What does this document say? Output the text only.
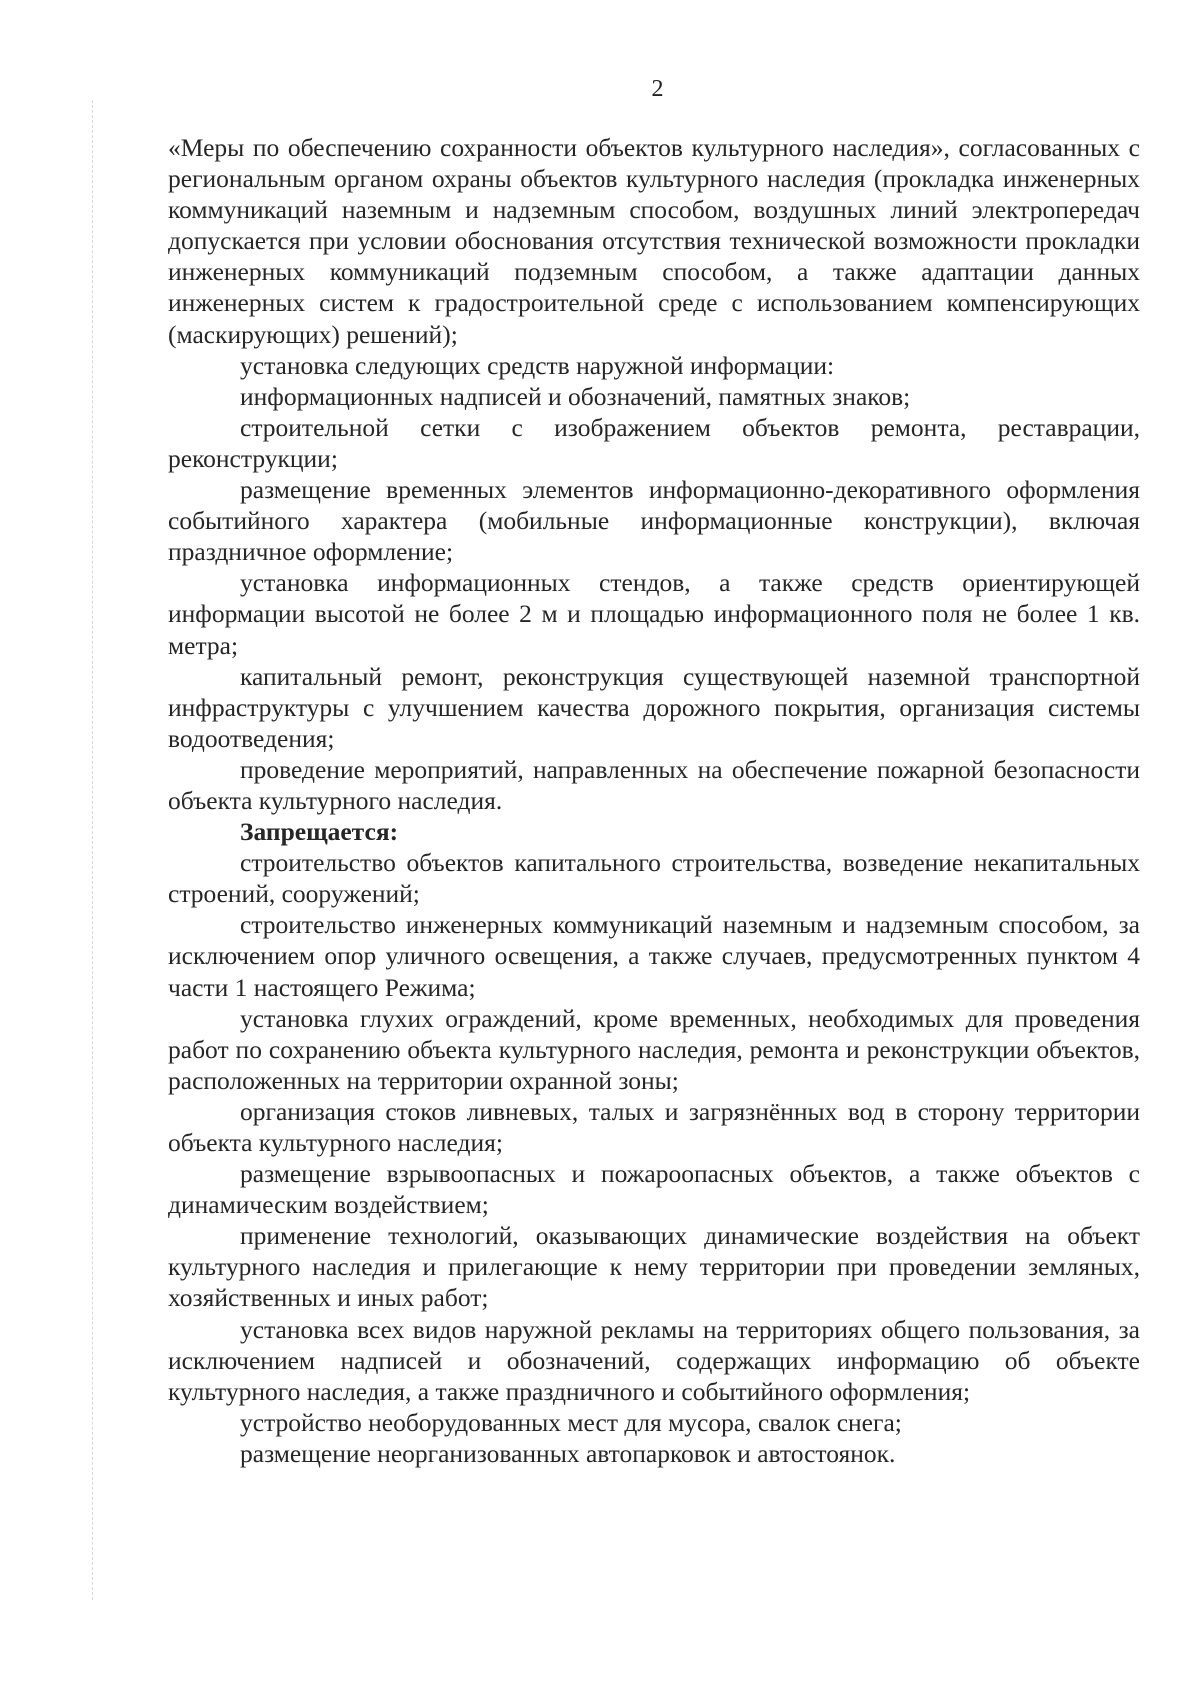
2

«Меры по обеспечению сохранности объектов культурного наследия», согласованных с региональным органом охраны объектов культурного наследия (прокладка инженерных коммуникаций наземным и надземным способом, воздушных линий электропередач допускается при условии обоснования отсутствия технической возможности прокладки инженерных коммуникаций подземным способом, а также адаптации данных инженерных систем к градостроительной среде с использованием компенсирующих (маскирующих) решений);

установка следующих средств наружной информации:

информационных надписей и обозначений, памятных знаков;

строительной сетки с изображением объектов ремонта, реставрации, реконструкции;

размещение временных элементов информационно-декоративного оформления событийного характера (мобильные информационные конструкции), включая праздничное оформление;

установка информационных стендов, а также средств ориентирующей информации высотой не более 2 м и площадью информационного поля не более 1 кв. метра;

капитальный ремонт, реконструкция существующей наземной транспортной инфраструктуры с улучшением качества дорожного покрытия, организация системы водоотведения;

проведение мероприятий, направленных на обеспечение пожарной безопасности объекта культурного наследия.

Запрещается:

строительство объектов капитального строительства, возведение некапитальных строений, сооружений;

строительство инженерных коммуникаций наземным и надземным способом, за исключением опор уличного освещения, а также случаев, предусмотренных пунктом 4 части 1 настоящего Режима;

установка глухих ограждений, кроме временных, необходимых для проведения работ по сохранению объекта культурного наследия, ремонта и реконструкции объектов, расположенных на территории охранной зоны;

организация стоков ливневых, талых и загрязнённых вод в сторону территории объекта культурного наследия;

размещение взрывоопасных и пожароопасных объектов, а также объектов с динамическим воздействием;

применение технологий, оказывающих динамические воздействия на объект культурного наследия и прилегающие к нему территории при проведении земляных, хозяйственных и иных работ;

установка всех видов наружной рекламы на территориях общего пользования, за исключением надписей и обозначений, содержащих информацию об объекте культурного наследия, а также праздничного и событийного оформления;

устройство необорудованных мест для мусора, свалок снега;

размещение неорганизованных автопарковок и автостоянок.
